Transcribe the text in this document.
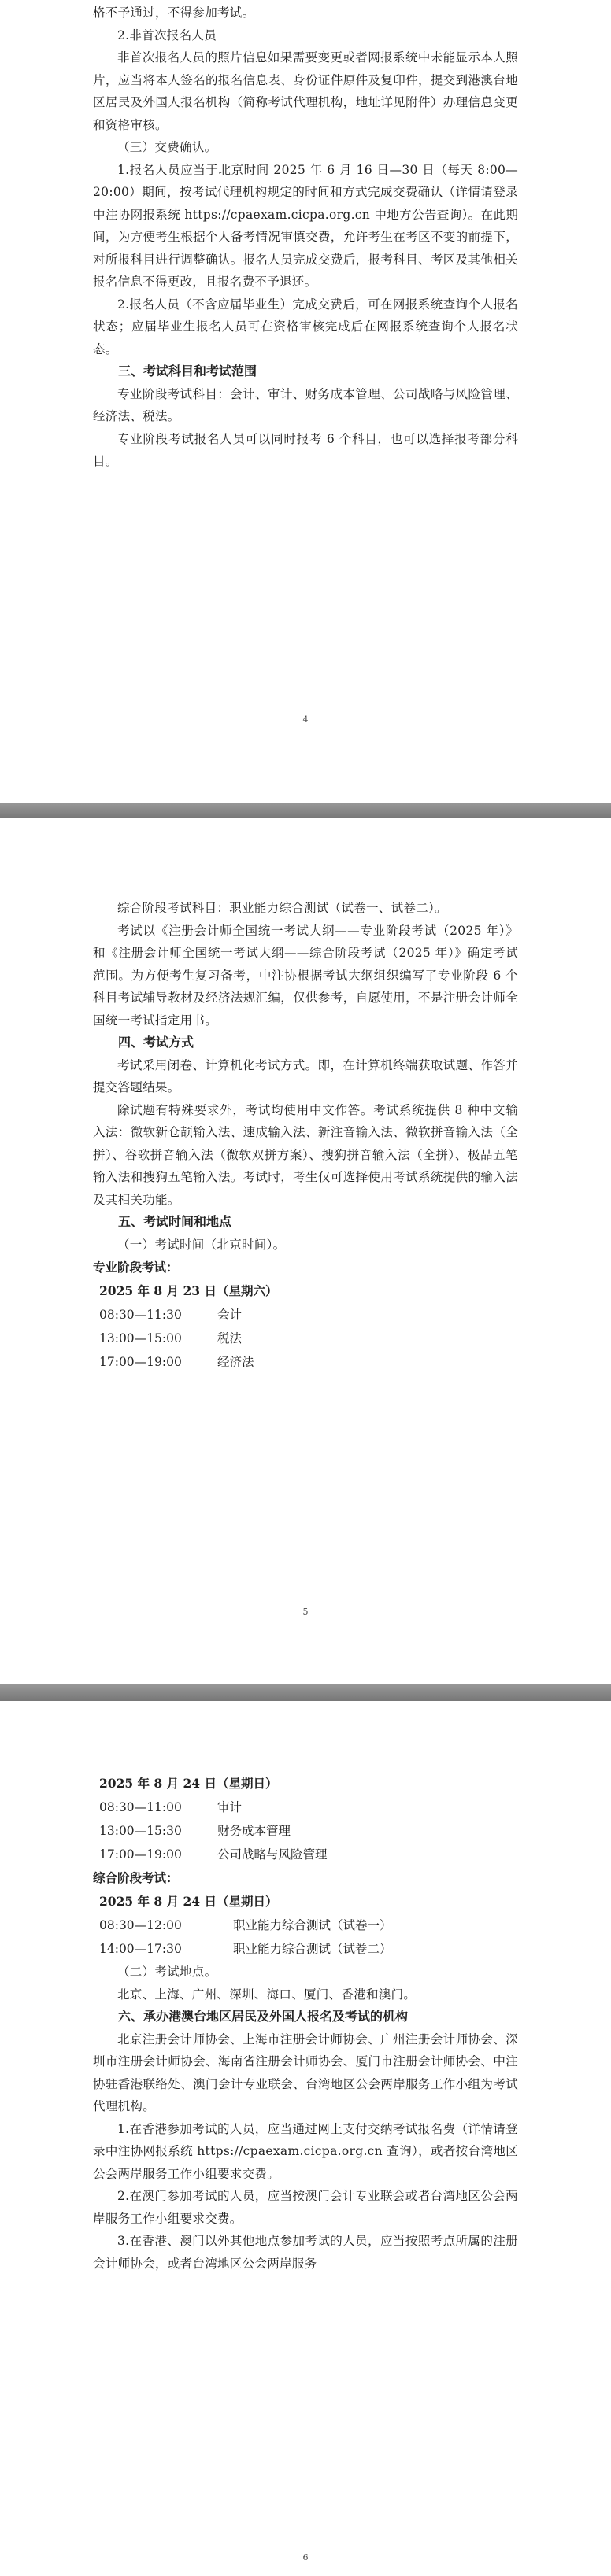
格不予通过，不得参加考试。

2.非首次报名人员

非首次报名人员的照片信息如果需要变更或者网报系统中未能显示本人照片，应当将本人签名的报名信息表、身份证件原件及复印件，提交到港澳台地区居民及外国人报名机构（简称考试代理机构，地址详见附件）办理信息变更和资格审核。

（三）交费确认。

1.报名人员应当于北京时间 2025 年 6 月 16 日—30 日（每天 8:00—20:00）期间，按考试代理机构规定的时间和方式完成交费确认（详情请登录中注协网报系统 https://cpaexam.cicpa.org.cn 中地方公告查询）。在此期间，为方便考生根据个人备考情况审慎交费，允许考生在考区不变的前提下，对所报科目进行调整确认。报名人员完成交费后，报考科目、考区及其他相关报名信息不得更改，且报名费不予退还。

2.报名人员（不含应届毕业生）完成交费后，可在网报系统查询个人报名状态；应届毕业生报名人员可在资格审核完成后在网报系统查询个人报名状态。

三、考试科目和考试范围

专业阶段考试科目：会计、审计、财务成本管理、公司战略与风险管理、经济法、税法。

专业阶段考试报名人员可以同时报考 6 个科目，也可以选择报考部分科目。

4

综合阶段考试科目：职业能力综合测试（试卷一、试卷二）。

考试以《注册会计师全国统一考试大纲——专业阶段考试（2025 年）》和《注册会计师全国统一考试大纲——综合阶段考试（2025 年）》确定考试范围。为方便考生复习备考，中注协根据考试大纲组织编写了专业阶段 6 个科目考试辅导教材及经济法规汇编，仅供参考，自愿使用，不是注册会计师全国统一考试指定用书。

四、考试方式

考试采用闭卷、计算机化考试方式。即，在计算机终端获取试题、作答并提交答题结果。

除试题有特殊要求外，考试均使用中文作答。考试系统提供 8 种中文输入法：微软新仓颉输入法、速成输入法、新注音输入法、微软拼音输入法（全拼）、谷歌拼音输入法（微软双拼方案）、搜狗拼音输入法（全拼）、极品五笔输入法和搜狗五笔输入法。考试时，考生仅可选择使用考试系统提供的输入法及其相关功能。

五、考试时间和地点

（一）考试时间（北京时间）。

专业阶段考试：
2025 年 8 月 23 日（星期六）
08:30—11:30	会计
13:00—15:00	税法
17:00—19:00	经济法
5
2025 年 8 月 24 日（星期日）
08:30—11:00	审计
13:00—15:30	财务成本管理
17:00—19:00	公司战略与风险管理
综合阶段考试：
2025 年 8 月 24 日（星期日）
08:30—12:00	职业能力综合测试（试卷一）
14:00—17:30	职业能力综合测试（试卷二）

（二）考试地点。

北京、上海、广州、深圳、海口、厦门、香港和澳门。

六、承办港澳台地区居民及外国人报名及考试的机构

北京注册会计师协会、上海市注册会计师协会、广州注册会计师协会、深圳市注册会计师协会、海南省注册会计师协会、厦门市注册会计师协会、中注协驻香港联络处、澳门会计专业联会、台湾地区公会两岸服务工作小组为考试代理机构。

1.在香港参加考试的人员，应当通过网上支付交纳考试报名费（详情请登录中注协网报系统 https://cpaexam.cicpa.org.cn 查询），或者按台湾地区公会两岸服务工作小组要求交费。

2.在澳门参加考试的人员，应当按澳门会计专业联会或者台湾地区公会两岸服务工作小组要求交费。

3.在香港、澳门以外其他地点参加考试的人员，应当按照考点所属的注册会计师协会，或者台湾地区公会两岸服务

6
